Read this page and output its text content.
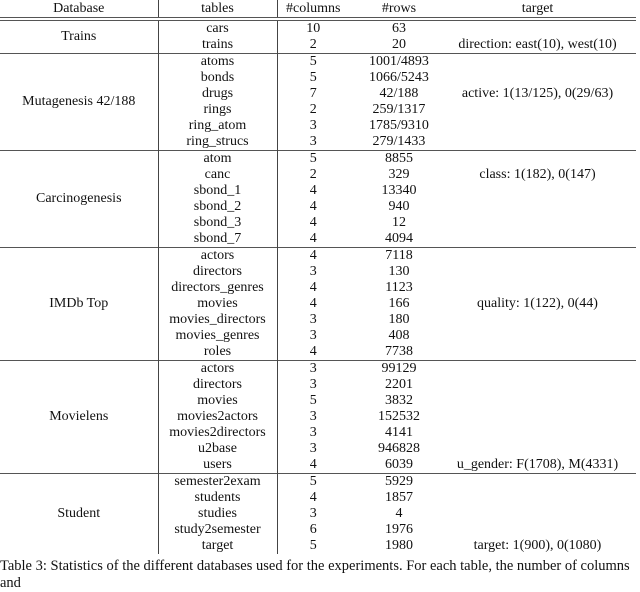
Database	tables	#columns	#rows	target
Trains	cars	10	63	
	trains	2	20	direction: east(10), west(10)
Mutagenesis 42/188	atoms	5	1001/4893	
	bonds	5	1066/5243	
	drugs	7	42/188	active: 1(13/125), 0(29/63)
	rings	2	259/1317	
	ring_atom	3	1785/9310	
	ring_strucs	3	279/1433	
Carcinogenesis	atom	5	8855	
	canc	2	329	class: 1(182), 0(147)
	sbond_1	4	13340	
	sbond_2	4	940	
	sbond_3	4	12	
	sbond_7	4	4094	
IMDb Top	actors	4	7118	
	directors	3	130	
	directors_genres	4	1123	
	movies	4	166	quality: 1(122), 0(44)
	movies_directors	3	180	
	movies_genres	3	408	
	roles	4	7738	
Movielens	actors	3	99129	
	directors	3	2201	
	movies	5	3832	
	movies2actors	3	152532	
	movies2directors	3	4141	
	u2base	3	946828	
	users	4	6039	u_gender: F(1708), M(4331)
Student	semester2exam	5	5929	
	students	4	1857	
	studies	3	4	
	study2semester	6	1976	
	target	5	1980	target: 1(900), 0(1080)
Table 3: Statistics of the different databases used for the experiments. For each table, the number of columns and
